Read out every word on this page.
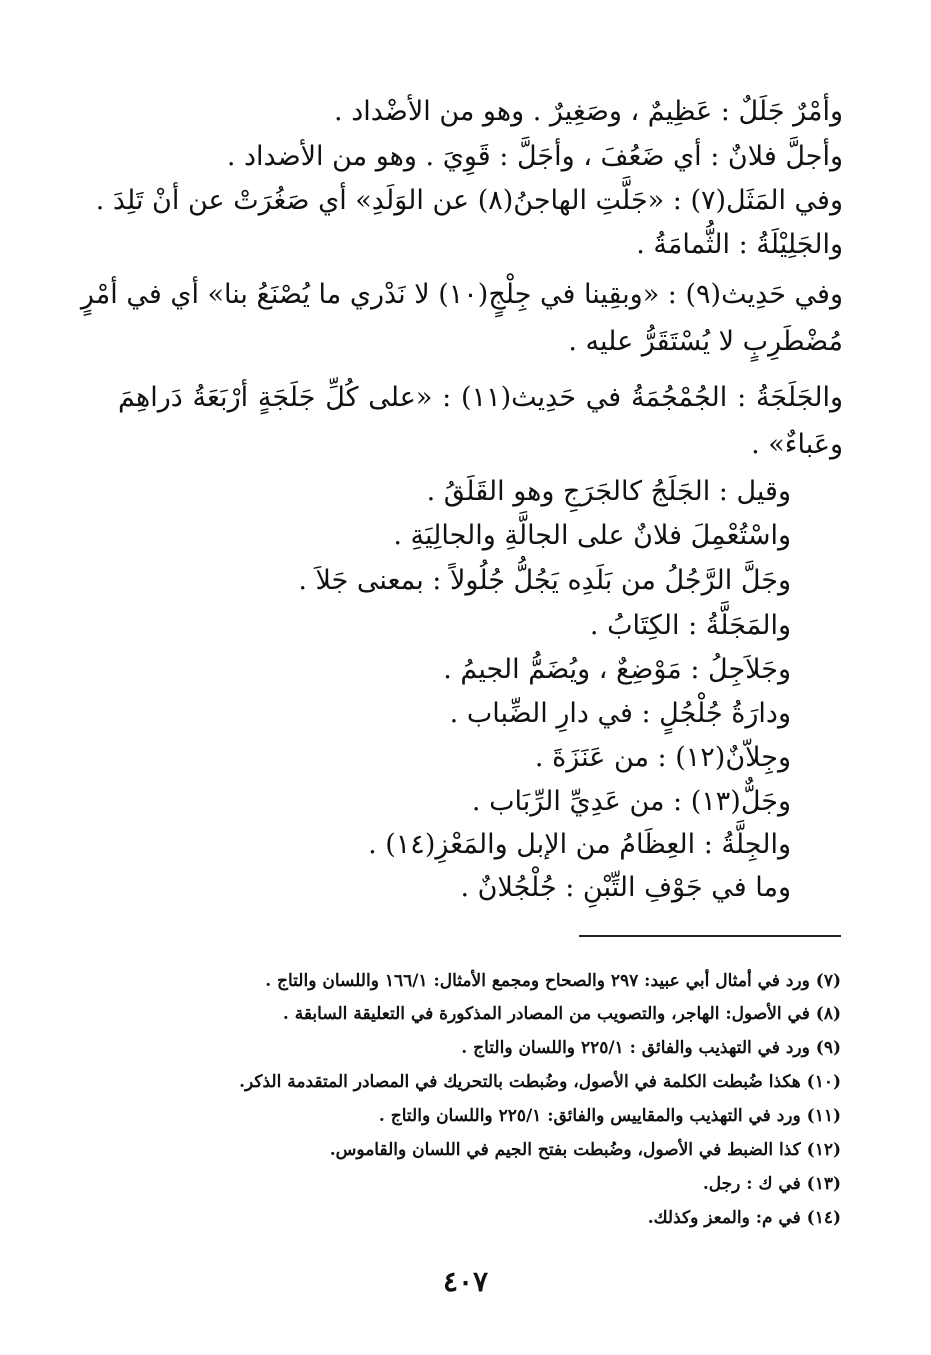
وأمْرٌ جَلَلٌ : عَظِيمٌ ، وصَغِيرٌ . وهو من الأضْداد .
وأجلَّ فلانٌ : أي ضَعُفَ ، وأجَلَّ : قَوِيَ . وهو من الأضداد .
وفي المَثَل(٧) : «جَلَّتِ الهاجنُ(٨) عن الوَلَدِ» أي صَغُرَتْ عن أنْ تَلِدَ .
والجَلِيْلَةُ : الثُّمامَةُ .
وفي حَدِيث(٩) : «وبقِينا في جِلْجٍ(١٠) لا نَدْري ما يُصْنَعُ بنا» أي في أمْرٍ
مُضْطَرِبٍ لا يُسْتَقَرُّ عليه .
والجَلَجَةُ : الجُمْجُمَةُ في حَدِيث(١١) : «على كُلِّ جَلَجَةٍ أرْبَعَةُ دَراهِمَ
وعَباءٌ» .
وقيل : الجَلَجُ كالجَرَجِ وهو القَلَقُ .
واسْتُعْمِلَ فلانٌ على الجالَّةِ والجالِيَةِ .
وجَلَّ الرَّجُلُ من بَلَدِه يَجُلُّ جُلُولاً : بمعنى جَلاَ .
والمَجَلَّةُ : الكِتَابُ .
وجَلاَجِلُ : مَوْضِعٌ ، ويُضَمُّ الجيمُ .
ودارَةُ جُلْجُلٍ : في دارِ الضِّباب .
وجِلاّنٌ(١٢) : من عَنَزَةَ .
وجَلٌّ(١٣) : من عَدِيِّ الرِّبَاب .
والجِلَّةُ : العِظَامُ من الإبل والمَعْزِ(١٤) .
وما في جَوْفِ التِّبْنِ : جُلْجُلانٌ .
(٧) ورد في أمثال أبي عبيد: ٢٩٧ والصحاح ومجمع الأمثال: ١٦٦/١ واللسان والتاج .
(٨) في الأصول: الهاجر، والتصويب من المصادر المذكورة في التعليقة السابقة .
(٩) ورد في التهذيب والفائق : ٢٢٥/١ واللسان والتاج .
(١٠) هكذا ضُبطت الكلمة في الأصول، وضُبطت بالتحريك في المصادر المتقدمة الذكر.
(١١) ورد في التهذيب والمقاييس والفائق: ٢٢٥/١ واللسان والتاج .
(١٢) كذا الضبط في الأصول، وضُبطت بفتح الجيم في اللسان والقاموس.
(١٣) في ك : رجل.
(١٤) في م: والمعز وكذلك.
٤٠٧
